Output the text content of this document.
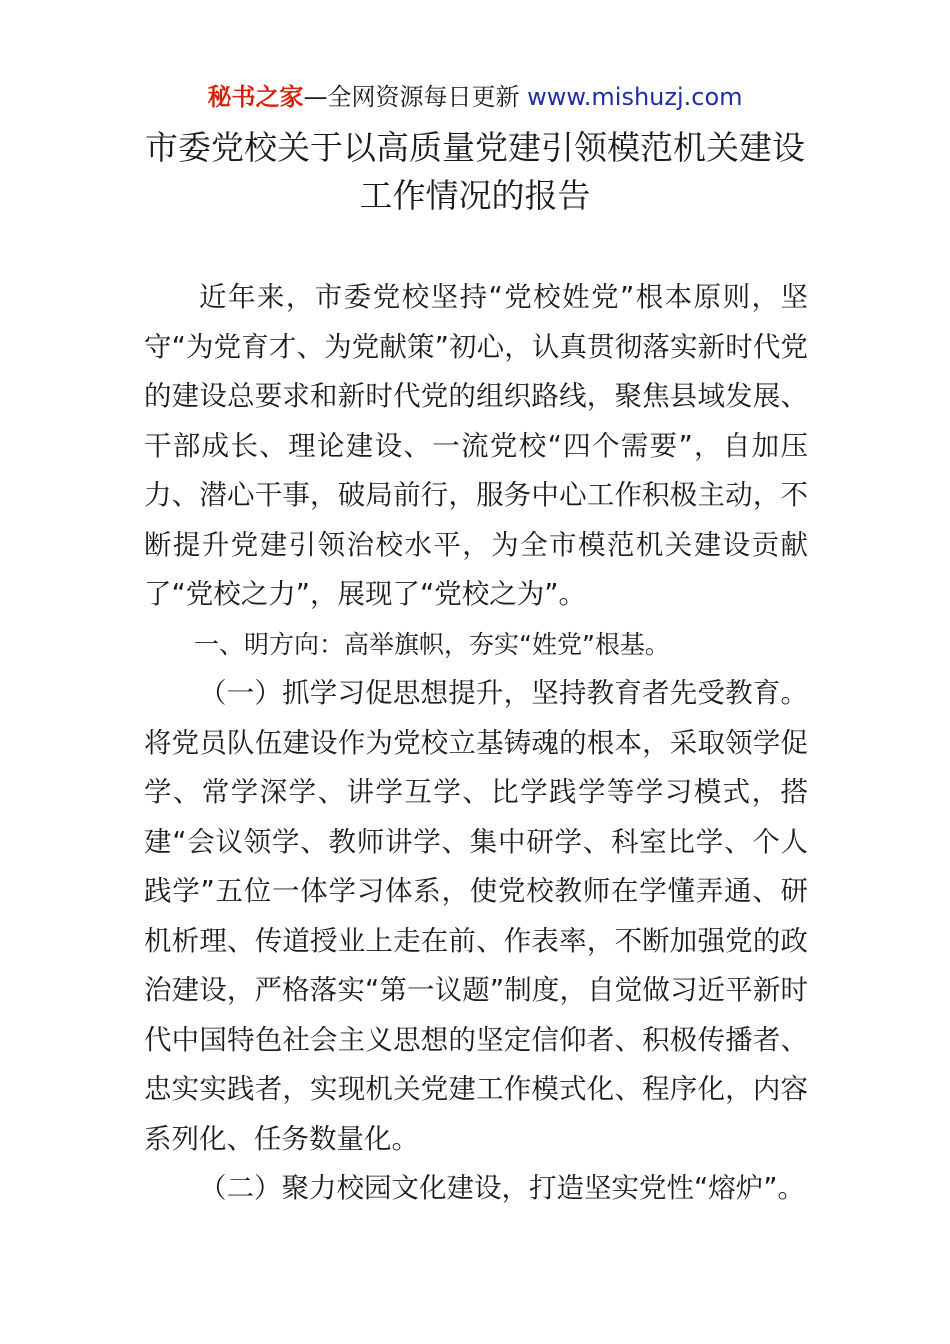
秘书之家—全网资源每日更新 www.mishuzj.com
市委党校关于以高质量党建引领模范机关建设
工作情况的报告

近年来，市委党校坚持“党校姓党”根本原则，坚守“为党育才、为党献策”初心，认真贯彻落实新时代党的建设总要求和新时代党的组织路线，聚焦县域发展、干部成长、理论建设、一流党校“四个需要”，自加压力、潜心干事，破局前行，服务中心工作积极主动，不断提升党建引领治校水平，为全市模范机关建设贡献了“党校之力”，展现了“党校之为”。

一、明方向：高举旗帜，夯实“姓党”根基。

（一）抓学习促思想提升，坚持教育者先受教育。将党员队伍建设作为党校立基铸魂的根本，采取领学促学、常学深学、讲学互学、比学践学等学习模式，搭建“会议领学、教师讲学、集中研学、科室比学、个人践学”五位一体学习体系，使党校教师在学懂弄通、研机析理、传道授业上走在前、作表率，不断加强党的政治建设，严格落实“第一议题”制度，自觉做习近平新时代中国特色社会主义思想的坚定信仰者、积极传播者、忠实实践者，实现机关党建工作模式化、程序化，内容系列化、任务数量化。

（二）聚力校园文化建设，打造坚实党性“熔炉”。
